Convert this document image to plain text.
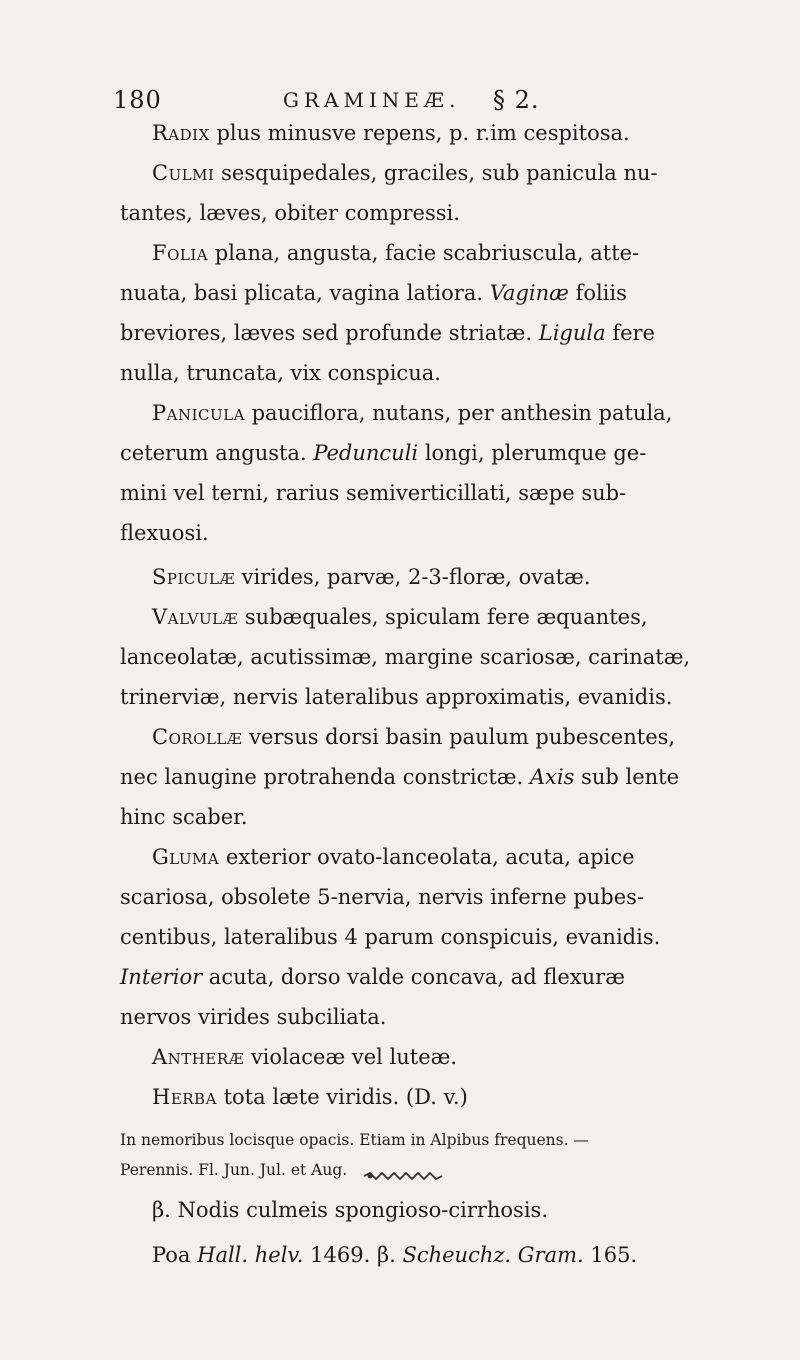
180	GRAMINEÆ. § 2.
Radix plus minusve repens, p. r.im cespitosa.
Culmi sesquipedales, graciles, sub panicula nu-
tantes, læves, obiter compressi.
Folia plana, angusta, facie scabriuscula, atte-
nuata, basi plicata, vagina latiora. Vaginæ foliis
breviores, læves sed profunde striatæ. Ligula fere
nulla, truncata, vix conspicua.
Panicula pauciflora, nutans, per anthesin patula,
ceterum angusta. Pedunculi longi, plerumque ge-
mini vel terni, rarius semiverticillati, sæpe sub-
flexuosi.
Spiculæ virides, parvæ, 2-3-floræ, ovatæ.
Valvulæ subæquales, spiculam fere æquantes,
lanceolatæ, acutissimæ, margine scariosæ, carinatæ,
trinerviæ, nervis lateralibus approximatis, evanidis.
Corollæ versus dorsi basin paulum pubescentes,
nec lanugine protrahenda constrictæ. Axis sub lente
hinc scaber.
Gluma exterior ovato-lanceolata, acuta, apice
scariosa, obsolete 5-nervia, nervis inferne pubes-
centibus, lateralibus 4 parum conspicuis, evanidis.
Interior acuta, dorso valde concava, ad flexuræ
nervos virides subciliata.
Antheræ violaceæ vel luteæ.
Herba tota læte viridis. (D. v.)
In nemoribus locisque opacis. Etiam in Alpibus frequens. —
Perennis. Fl. Jun. Jul. et Aug.
β. Nodis culmeis spongioso-cirrhosis.
Poa Hall. helv. 1469. β. Scheuchz. Gram. 165.
